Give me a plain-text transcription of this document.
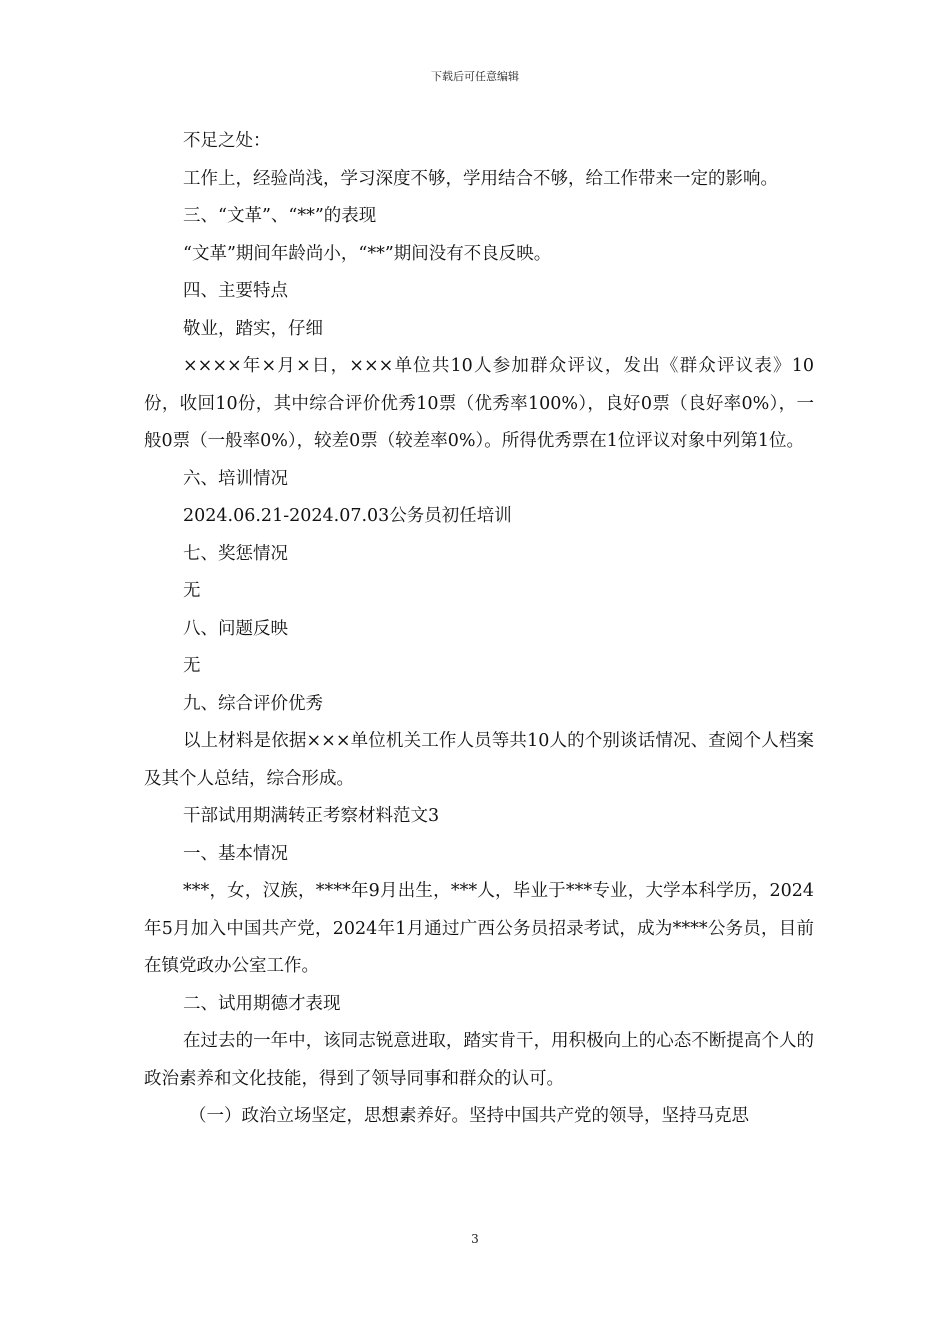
下载后可任意编辑

不足之处：

工作上，经验尚浅，学习深度不够，学用结合不够，给工作带来一定的影响。

三、“文革”、“**”的表现

“文革”期间年龄尚小，“**”期间没有不良反映。

四、主要特点

敬业，踏实，仔细

××××年×月×日，×××单位共10人参加群众评议，发出《群众评议表》10份，收回10份，其中综合评价优秀10票（优秀率100%），良好0票（良好率0%），一般0票（一般率0%），较差0票（较差率0%）。所得优秀票在1位评议对象中列第1位。

六、培训情况

2024.06.21-2024.07.03公务员初任培训

七、奖惩情况

无

八、问题反映

无

九、综合评价优秀

以上材料是依据×××单位机关工作人员等共10人的个别谈话情况、查阅个人档案及其个人总结，综合形成。

干部试用期满转正考察材料范文3

一、基本情况

***，女，汉族，****年9月出生，***人，毕业于***专业，大学本科学历，2024年5月加入中国共产党，2024年1月通过广西公务员招录考试，成为****公务员，目前在镇党政办公室工作。

二、试用期德才表现

在过去的一年中，该同志锐意进取，踏实肯干，用积极向上的心态不断提高个人的政治素养和文化技能，得到了领导同事和群众的认可。

（一）政治立场坚定，思想素养好。坚持中国共产党的领导，坚持马克思

3
